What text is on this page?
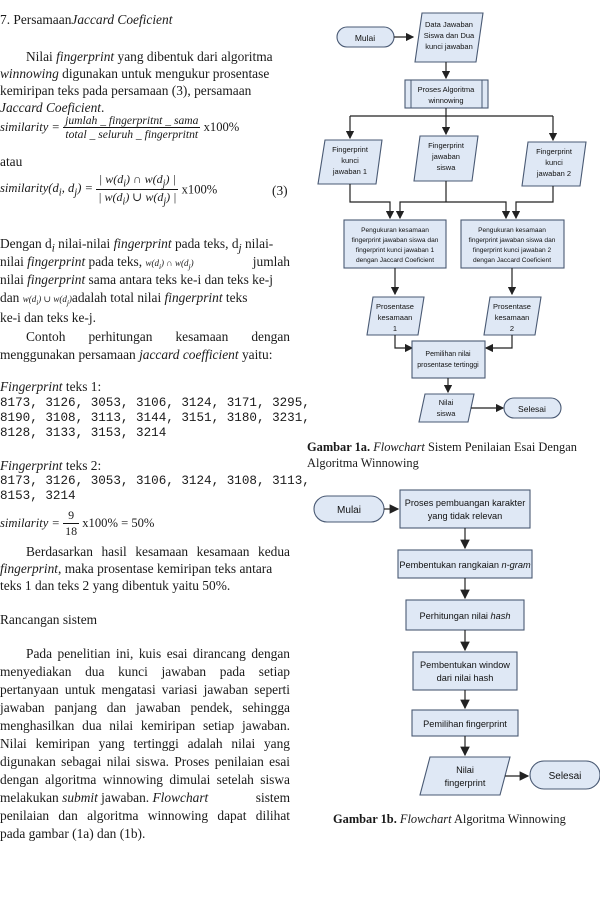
7. PersamaanJaccard Coeficient
Nilai fingerprint yang dibentuk dari algoritma
winnowing digunakan untuk mengukur prosentase
kemiripan teks pada persamaan (3), persamaan
Jaccard Coeficient.
similarity = $\frac{\text{jumlah \_ fingerpritnt \_ sama}}{\text{total \_ seluruh \_ fingerpritnt}} x100\%$
atau
$similarity(d_i$, $d_j) = \frac{| w(d_i) \cap w(d_j) |}{| w(d_i) \cup w(d_j) |} x100\%$	(3)
Dengan $d_i$ nilai-nilai fingerprint pada teks, $d_j$ nilai-
nilai fingerprint pada teks, $w(d_i)$ ∩ $w(d_j)$	jumlah
nilai fingerprint sama antara teks ke-i dan teks ke-j
dan $w(d_i)$ ∪ $w(d_j)adalah$ total nilai fingerprint teks
ke-i dan teks ke-j.
Contoh perhitungan kesamaan dengan
menggunakan persamaan jaccard coefficient yaitu:
Fingerprint teks 1:
8173, 3126, 3053, 3106, 3124, 3171, 3295,
8190, 3108, 3113, 3144, 3151, 3180, 3231,
8128, 3133, 3153, 3214
Fingerprint teks 2:
8173, 3126, 3053, 3106, 3124, 3108, 3113,
8153, 3214
similarity = $\frac{9}{18} x100\% = 50\%$
Berdasarkan hasil kesamaan kesamaan kedua
fingerprint, maka prosentase kemiripan teks antara
teks 1 dan teks 2 yang dibentuk yaitu 50%.
Rancangan sistem
Pada penelitian ini, kuis esai dirancang dengan
menyediakan dua kunci jawaban pada setiap
pertanyaan untuk mengatasi variasi jawaban seperti
jawaban panjang dan jawaban pendek, sehingga
menghasilkan dua nilai kemiripan setiap jawaban.
Nilai kemiripan yang tertinggi adalah nilai yang
digunakan sebagai nilai siswa. Proses penilaian esai
dengan algoritma winnowing dimulai setelah siswa
melakukan submit jawaban. Flowchart	sistem
penilaian dan algoritma winnowing dapat dilihat
pada gambar (1a) dan (1b).
Mulai
Data Jawaban
Siswa dan Dua
kunci jawaban
Proses Algoritma
winnowing
Fingerprint
kunci
jawaban 1
Fingerprint
jawaban
siswa
Fingerprint
kunci
jawaban 2
Pengukuran kesamaan
fingerprint jawaban siswa dan
fingerprint kunci jawaban 1
dengan Jaccard Coeficient
Pengukuran kesamaan
fingerprint jawaban siswa dan
fingerprint kunci jawaban 2
dengan Jaccard Coeficient
Prosentase
kesamaan
1
Prosentase
kesamaan
2
Pemilihan nilai
prosentase tertinggi
Nilai
siswa	Selesai
Gambar 1a. Flowchart Sistem Penilaian Esai Dengan
Algoritma Winnowing
Mulai
Proses pembuangan karakter
yang tidak relevan
Pembentukan rangkaian n-gram
Perhitungan nilai hash
Pembentukan window
dari nilai hash
Pemilihan fingerprint
Nilai
fingerprint
Selesai
Gambar 1b. Flowchart Algoritma Winnowing
